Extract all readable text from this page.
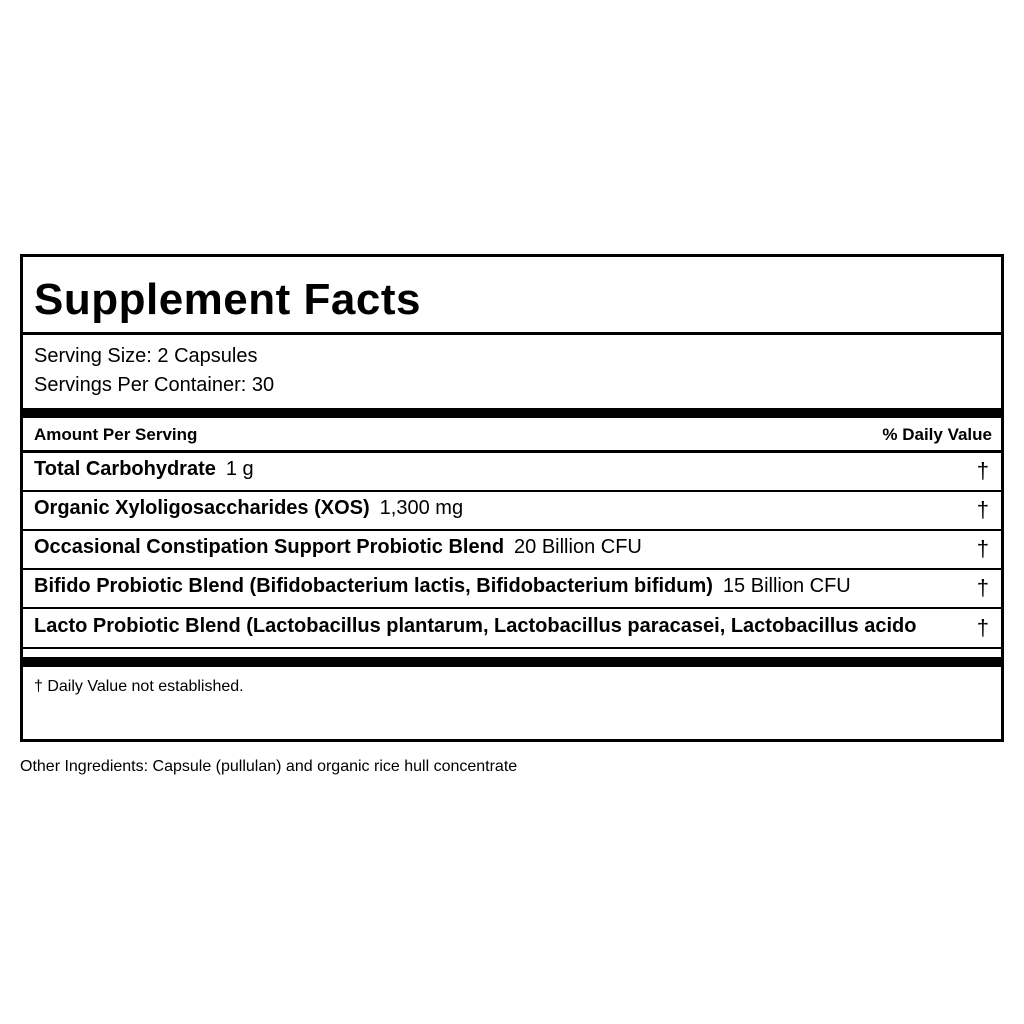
Supplement Facts
Serving Size: 2 Capsules
Servings Per Container: 30
Amount Per Serving	% Daily Value
Total Carbohydrate 1 g	†
Organic Xyloligosaccharides (XOS) 1,300 mg	†
Occasional Constipation Support Probiotic Blend 20 Billion CFU	†
Bifido Probiotic Blend (Bifidobacterium lactis, Bifidobacterium bifidum) 15 Billion CFU	†
Lacto Probiotic Blend (Lactobacillus plantarum, Lactobacillus paracasei, Lactobacillus acido	†
† Daily Value not established.
Other Ingredients: Capsule (pullulan) and organic rice hull concentrate
